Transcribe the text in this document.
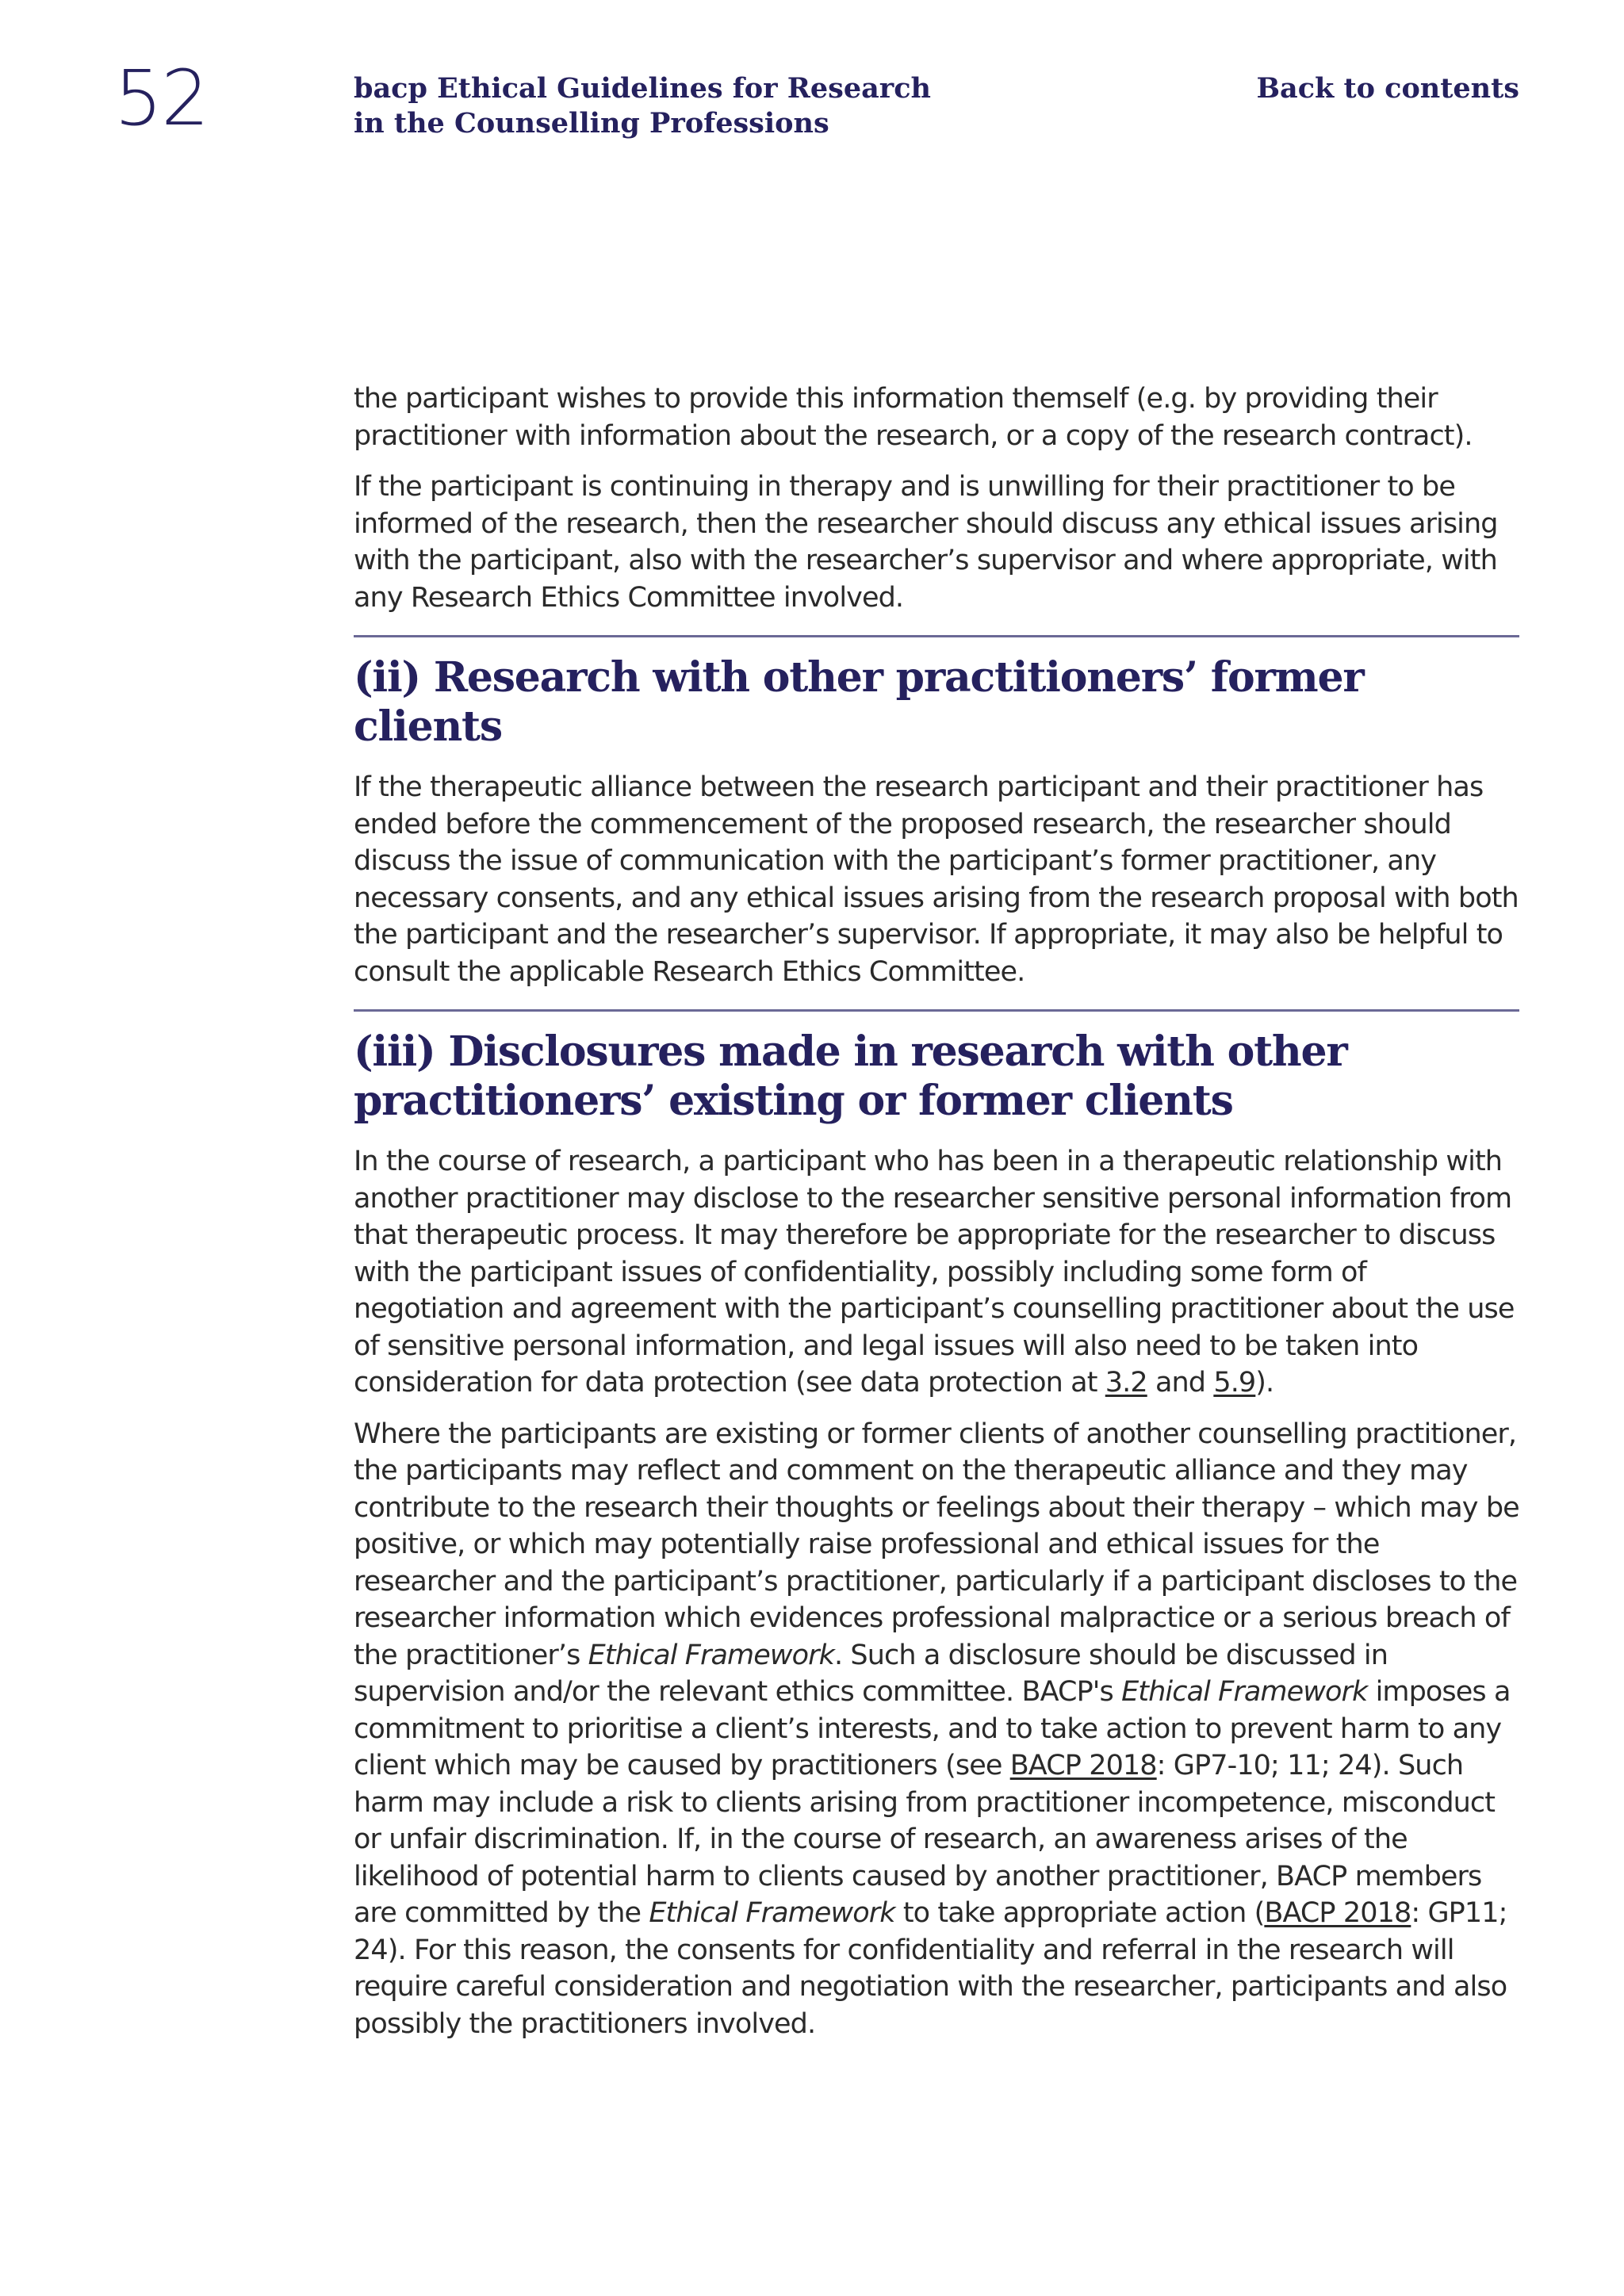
52	bacp Ethical Guidelines for Research
in the Counselling Professions
Back to contents

the participant wishes to provide this information themself (e.g. by providing their practitioner with information about the research, or a copy of the research contract).

If the participant is continuing in therapy and is unwilling for their practitioner to be informed of the research, then the researcher should discuss any ethical issues arising with the participant, also with the researcher’s supervisor and where appropriate, with any Research Ethics Committee involved.

(ii) Research with other practitioners’ former clients

If the therapeutic alliance between the research participant and their practitioner has ended before the commencement of the proposed research, the researcher should discuss the issue of communication with the participant’s former practitioner, any necessary consents, and any ethical issues arising from the research proposal with both the participant and the researcher’s supervisor. If appropriate, it may also be helpful to consult the applicable Research Ethics Committee.

(iii) Disclosures made in research with other practitioners’ existing or former clients

In the course of research, a participant who has been in a therapeutic relationship with another practitioner may disclose to the researcher sensitive personal information from that therapeutic process. It may therefore be appropriate for the researcher to discuss with the participant issues of confidentiality, possibly including some form of negotiation and agreement with the participant’s counselling practitioner about the use of sensitive personal information, and legal issues will also need to be taken into consideration for data protection (see data protection at 3.2 and 5.9).

Where the participants are existing or former clients of another counselling practitioner, the participants may reflect and comment on the therapeutic alliance and they may contribute to the research their thoughts or feelings about their therapy – which may be positive, or which may potentially raise professional and ethical issues for the researcher and the participant’s practitioner, particularly if a participant discloses to the researcher information which evidences professional malpractice or a serious breach of the practitioner’s Ethical Framework. Such a disclosure should be discussed in supervision and/or the relevant ethics committee. BACP's Ethical Framework imposes a commitment to prioritise a client’s interests, and to take action to prevent harm to any client which may be caused by practitioners (see BACP 2018: GP7-10; 11; 24). Such harm may include a risk to clients arising from practitioner incompetence, misconduct or unfair discrimination. If, in the course of research, an awareness arises of the likelihood of potential harm to clients caused by another practitioner, BACP members are committed by the Ethical Framework to take appropriate action (BACP 2018: GP11; 24). For this reason, the consents for confidentiality and referral in the research will require careful consideration and negotiation with the researcher, participants and also possibly the practitioners involved.
